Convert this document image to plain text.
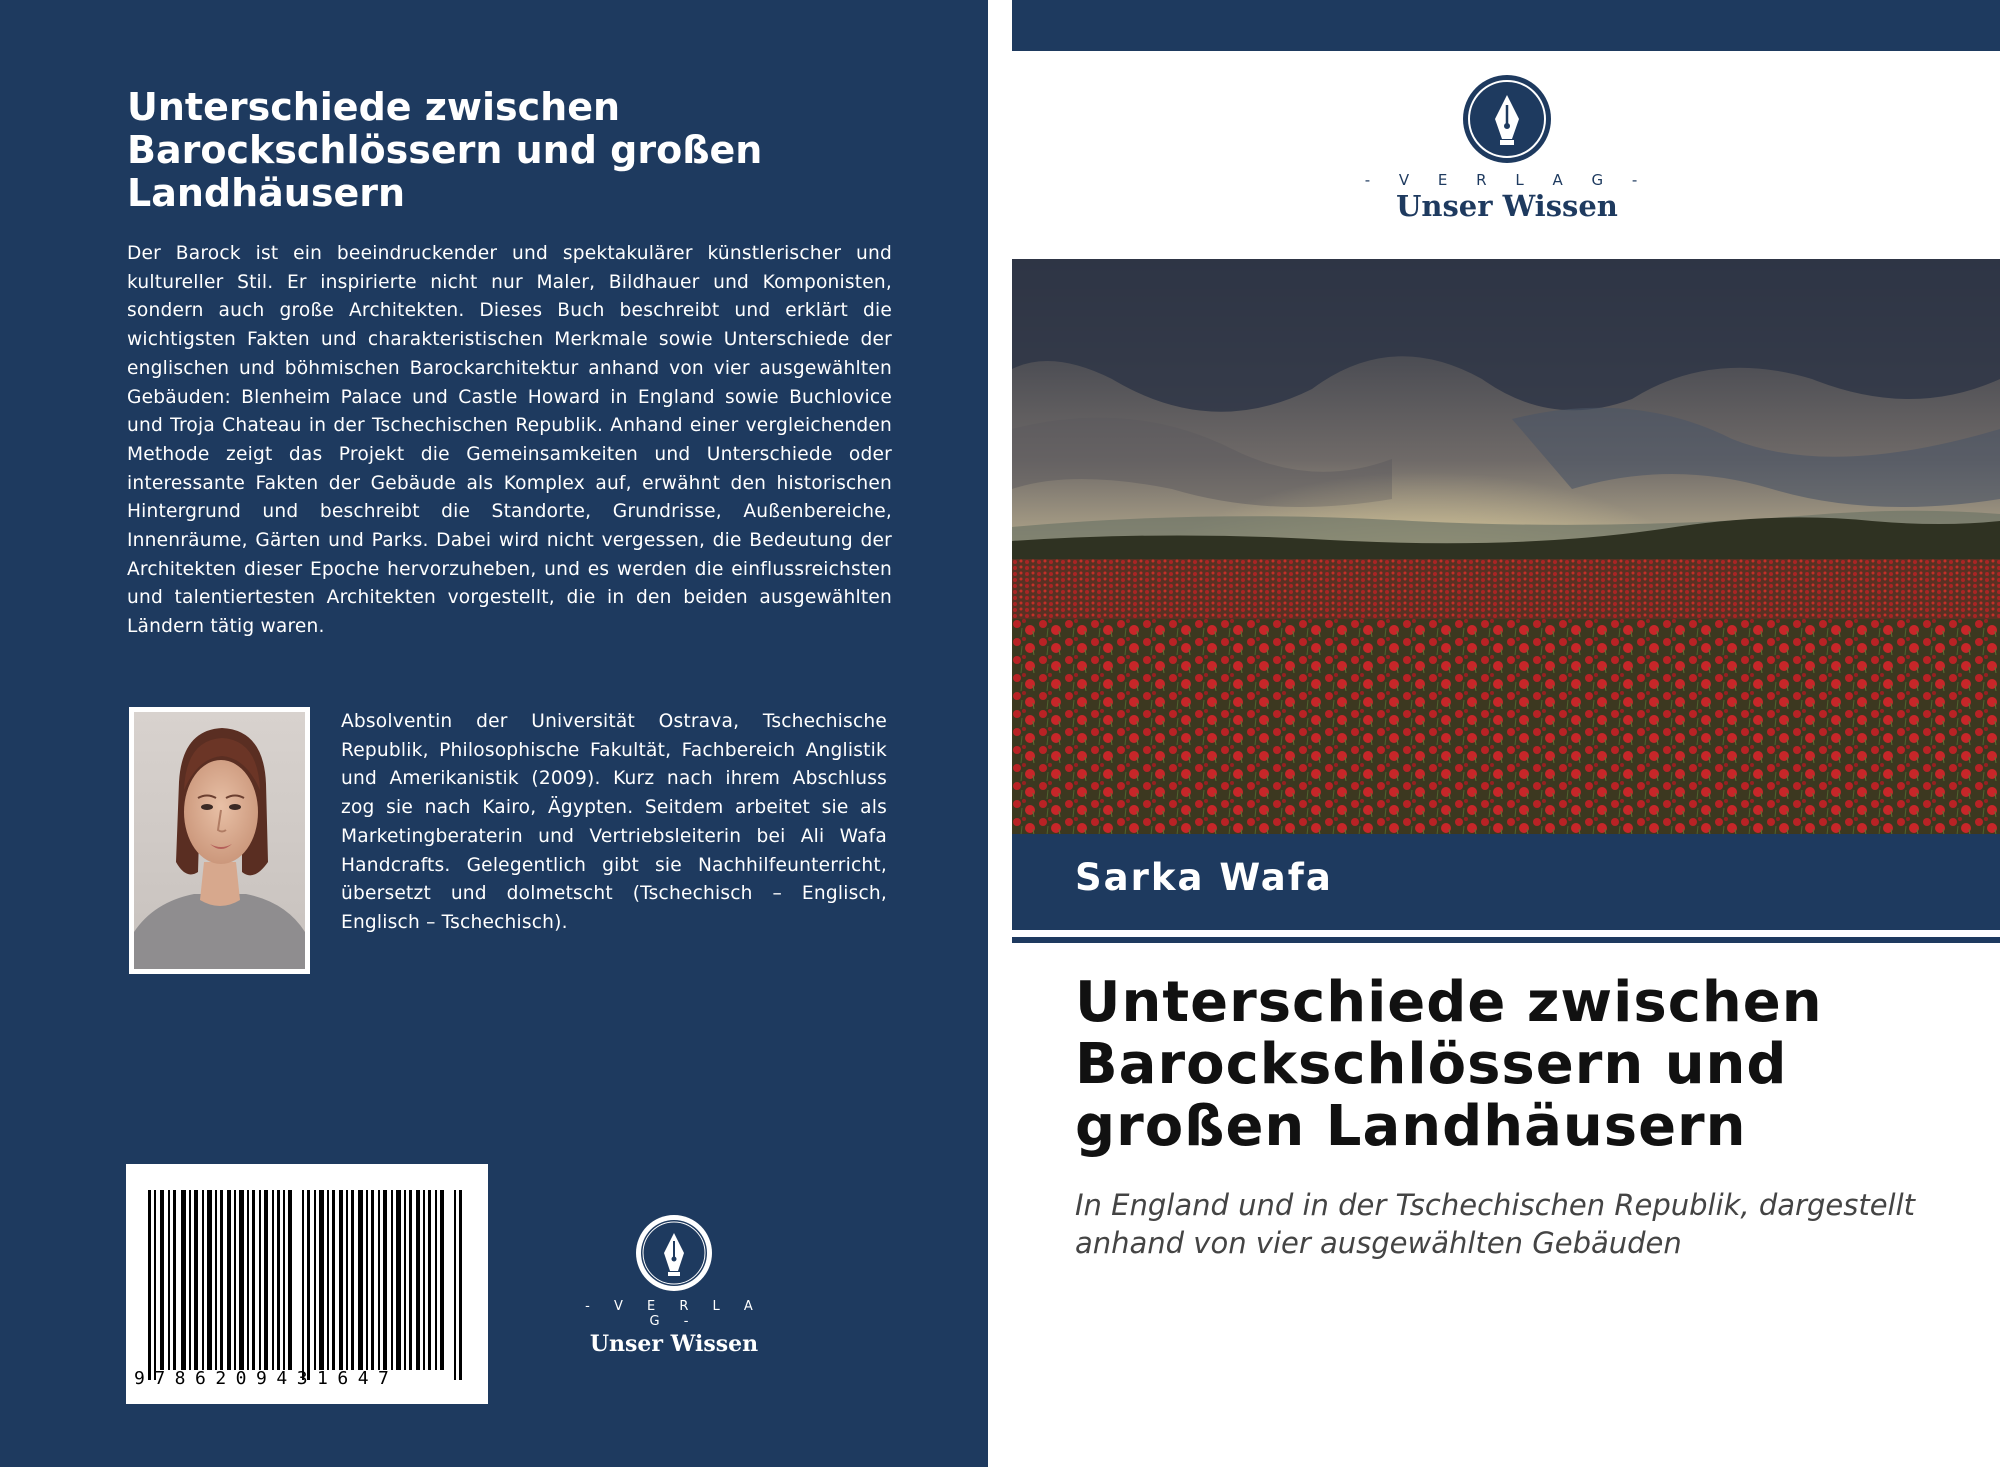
Unterschiede zwischen Barockschlössern und großen Landhäusern

Der Barock ist ein beeindruckender und spektakulärer künstlerischer und kultureller Stil. Er inspirierte nicht nur Maler, Bildhauer und Komponisten, sondern auch große Architekten. Dieses Buch beschreibt und erklärt die wichtigsten Fakten und charakteristischen Merkmale sowie Unterschiede der englischen und böhmischen Barockarchitektur anhand von vier ausgewählten Gebäuden: Blenheim Palace und Castle Howard in England sowie Buchlovice und Troja Chateau in der Tschechischen Republik. Anhand einer vergleichenden Methode zeigt das Projekt die Gemeinsamkeiten und Unterschiede oder interessante Fakten der Gebäude als Komplex auf, erwähnt den historischen Hintergrund und beschreibt die Standorte, Grundrisse, Außenbereiche, Innenräume, Gärten und Parks. Dabei wird nicht vergessen, die Bedeutung der Architekten dieser Epoche hervorzuheben, und es werden die einflussreichsten und talentiertesten Architekten vorgestellt, die in den beiden ausgewählten Ländern tätig waren.

Absolventin der Universität Ostrava, Tschechische Republik, Philosophische Fakultät, Fachbereich Anglistik und Amerikanistik (2009). Kurz nach ihrem Abschluss zog sie nach Kairo, Ägypten. Seitdem arbeitet sie als Marketingberaterin und Vertriebsleiterin bei Ali Wafa Handcrafts. Gelegentlich gibt sie Nachhilfeunterricht, übersetzt und dolmetscht (Tschechisch – Englisch, Englisch – Tschechisch).

9786209431647
- V E R L A G -
Unser Wissen
- V E R L A G -
Unser Wissen

Sarka Wafa

Unterschiede zwischen Barockschlössern und großen Landhäusern
In England und in der Tschechischen Republik, dargestellt anhand von vier ausgewählten Gebäuden
